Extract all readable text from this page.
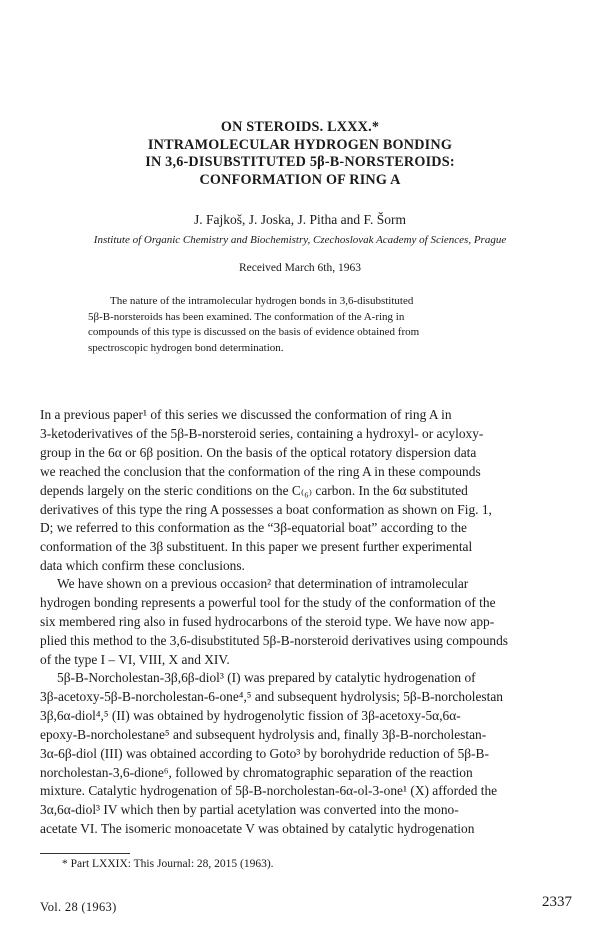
ON STEROIDS. LXXX.*
INTRAMOLECULAR HYDROGEN BONDING
IN 3,6-DISUBSTITUTED 5β-B-NORSTEROIDS:
CONFORMATION OF RING A
J. Fajkoš, J. Joska, J. Pitha and F. Šorm
Institute of Organic Chemistry and Biochemistry, Czechoslovak Academy of Sciences, Prague
Received March 6th, 1963
The nature of the intramolecular hydrogen bonds in 3,6-disubstituted
5β-B-norsteroids has been examined. The conformation of the A-ring in
compounds of this type is discussed on the basis of evidence obtained from
spectroscopic hydrogen bond determination.
In a previous paper¹ of this series we discussed the conformation of ring A in
3-ketoderivatives of the 5β-B-norsteroid series, containing a hydroxyl- or acyloxy-
group in the 6α or 6β position. On the basis of the optical rotatory dispersion data
we reached the conclusion that the conformation of the ring A in these compounds
depends largely on the steric conditions on the C₍₆₎ carbon. In the 6α substituted
derivatives of this type the ring A possesses a boat conformation as shown on Fig. 1,
D; we referred to this conformation as the “3β-equatorial boat” according to the
conformation of the 3β substituent. In this paper we present further experimental
data which confirm these conclusions.
We have shown on a previous occasion² that determination of intramolecular
hydrogen bonding represents a powerful tool for the study of the conformation of the
six membered ring also in fused hydrocarbons of the steroid type. We have now app-
plied this method to the 3,6-disubstituted 5β-B-norsteroid derivatives using compounds
of the type I – VI, VIII, X and XIV.
5β-B-Norcholestan-3β,6β-diol³ (I) was prepared by catalytic hydrogenation of
3β-acetoxy-5β-B-norcholestan-6-one⁴,⁵ and subsequent hydrolysis; 5β-B-norcholestan
3β,6α-diol⁴,⁵ (II) was obtained by hydrogenolytic fission of 3β-acetoxy-5α,6α-
epoxy-B-norcholestane⁵ and subsequent hydrolysis and, finally 3β-B-norcholestan-
3α-6β-diol (III) was obtained according to Goto³ by borohydride reduction of 5β-B-
norcholestan-3,6-dione⁶, followed by chromatographic separation of the reaction
mixture. Catalytic hydrogenation of 5β-B-norcholestan-6α-ol-3-one¹ (X) afforded the
3α,6α-diol³ IV which then by partial acetylation was converted into the mono-
acetate VI. The isomeric monoacetate V was obtained by catalytic hydrogenation
* Part LXXIX: This Journal: 28, 2015 (1963).
Vol. 28 (1963)	2337
